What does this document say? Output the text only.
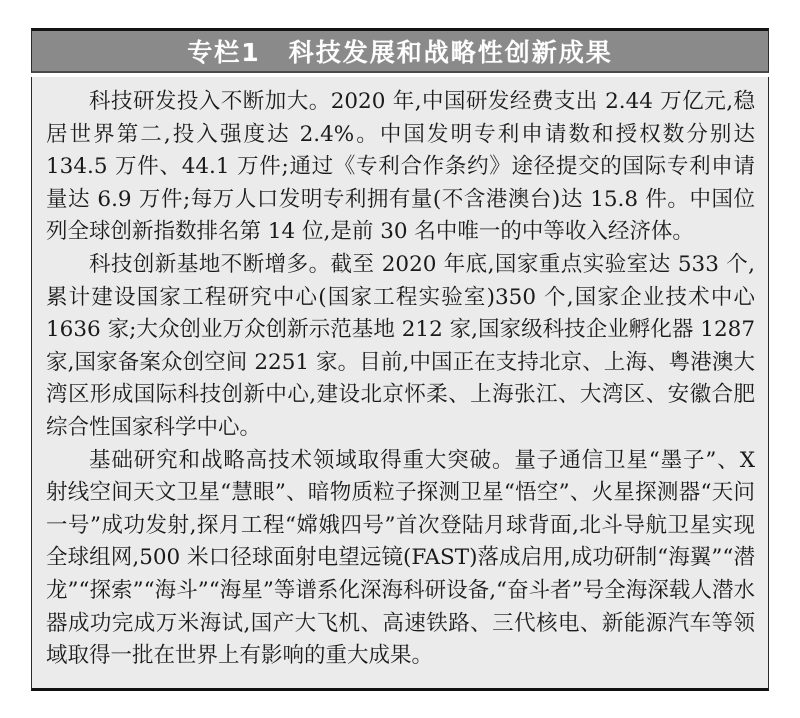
专栏1 科技发展和战略性创新成果

科技研发投入不断加大。2020 年,中国研发经费支出 2.44 万亿元,稳居世界第二,投入强度达 2.4%。中国发明专利申请数和授权数分别达 134.5 万件、44.1 万件;通过《专利合作条约》途径提交的国际专利申请量达 6.9 万件;每万人口发明专利拥有量(不含港澳台)达 15.8 件。中国位列全球创新指数排名第 14 位,是前 30 名中唯一的中等收入经济体。

科技创新基地不断增多。截至 2020 年底,国家重点实验室达 533 个,累计建设国家工程研究中心(国家工程实验室)350 个,国家企业技术中心 1636 家;大众创业万众创新示范基地 212 家,国家级科技企业孵化器 1287 家,国家备案众创空间 2251 家。目前,中国正在支持北京、上海、粤港澳大湾区形成国际科技创新中心,建设北京怀柔、上海张江、大湾区、安徽合肥综合性国家科学中心。

基础研究和战略高技术领域取得重大突破。量子通信卫星“墨子”、X 射线空间天文卫星“慧眼”、暗物质粒子探测卫星“悟空”、火星探测器“天问一号”成功发射,探月工程“嫦娥四号”首次登陆月球背面,北斗导航卫星实现全球组网,500 米口径球面射电望远镜(FAST)落成启用,成功研制“海翼”“潜龙”“探索”“海斗”“海星”等谱系化深海科研设备,“奋斗者”号全海深载人潜水器成功完成万米海试,国产大飞机、高速铁路、三代核电、新能源汽车等领域取得一批在世界上有影响的重大成果。
